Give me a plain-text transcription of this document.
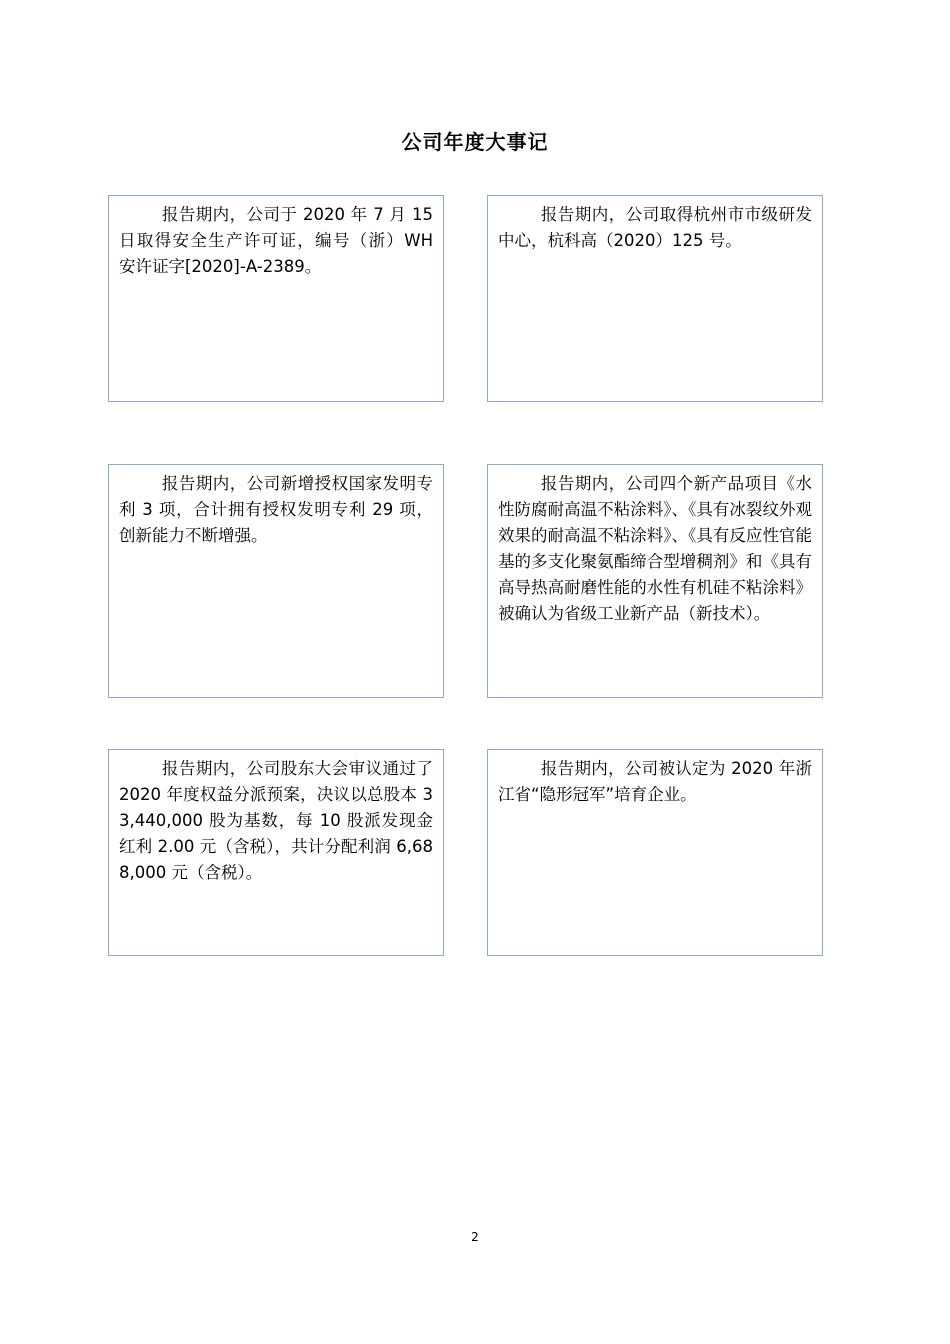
公司年度大事记
报告期内，公司于 2020 年 7 月 15 日取得安全生产许可证，编号（浙）WH 安许证字[2020]-A-2389。
报告期内，公司取得杭州市市级研发中心，杭科高（2020）125 号。
报告期内，公司新增授权国家发明专利 3 项，合计拥有授权发明专利 29 项，创新能力不断增强。
报告期内，公司四个新产品项目《水性防腐耐高温不粘涂料》、《具有冰裂纹外观效果的耐高温不粘涂料》、《具有反应性官能基的多支化聚氨酯缔合型增稠剂》和《具有高导热高耐磨性能的水性有机硅不粘涂料》被确认为省级工业新产品（新技术）。
报告期内，公司股东大会审议通过了 2020 年度权益分派预案，决议以总股本 33,440,000 股为基数，每 10 股派发现金红利 2.00 元（含税），共计分配利润 6,688,000 元（含税）。
报告期内，公司被认定为 2020 年浙江省“隐形冠军”培育企业。
2
